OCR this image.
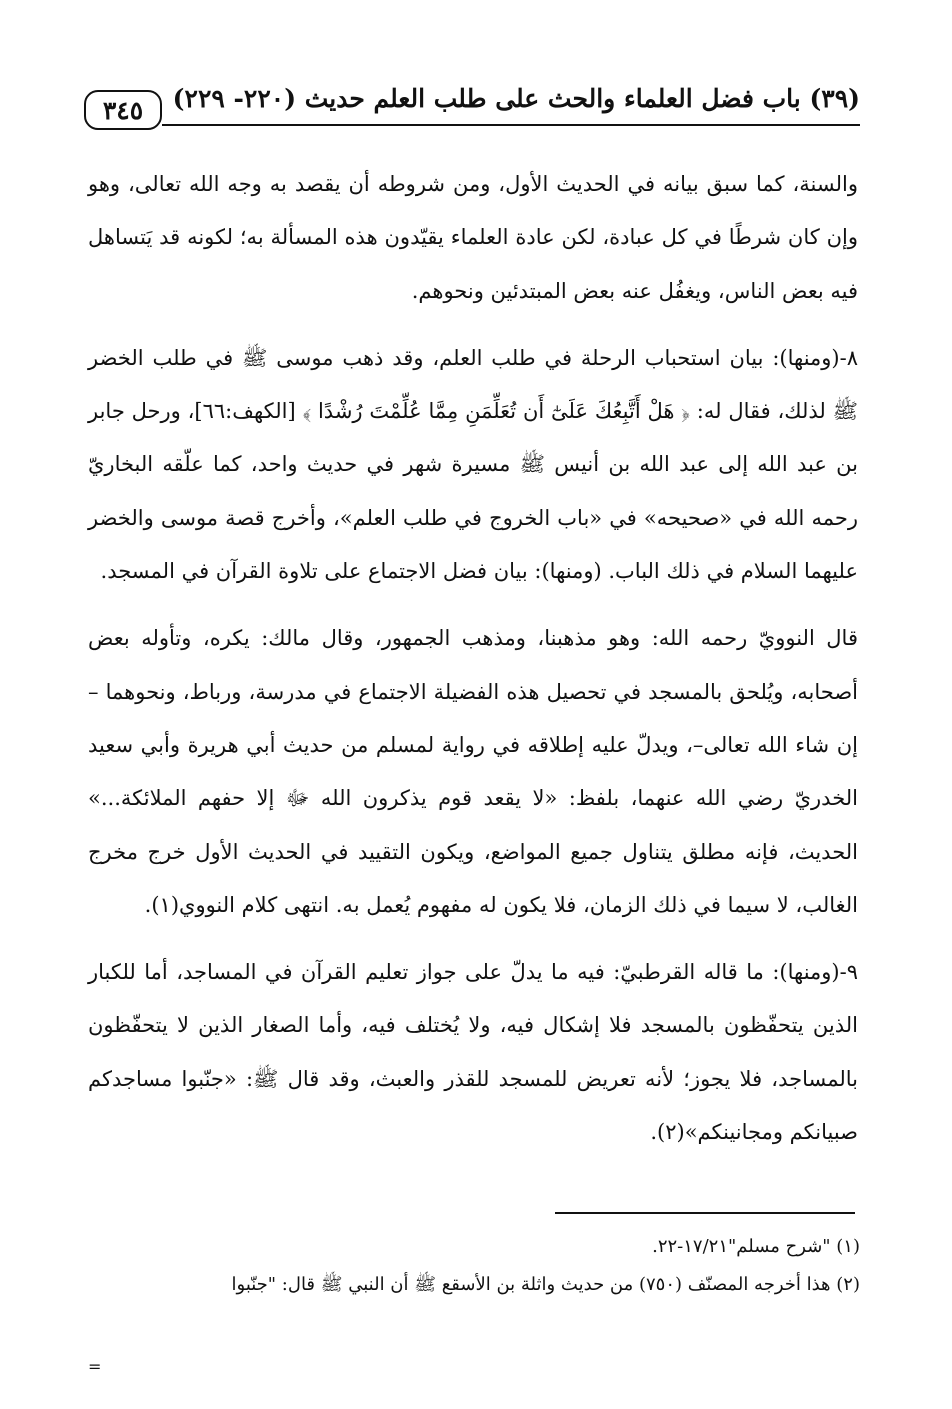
٣٤٥	(٣٩) باب فضل العلماء والحث على طلب العلم حديث (٢٢٠- ٢٢٩)

والسنة، كما سبق بيانه في الحديث الأول، ومن شروطه أن يقصد به وجه الله تعالى، وهو وإن كان شرطًا في كل عبادة، لكن عادة العلماء يقيّدون هذه المسألة به؛ لكونه قد يَتساهل فيه بعض الناس، ويغفُل عنه بعض المبتدئين ونحوهم.

٨-(ومنها): بيان استحباب الرحلة في طلب العلم، وقد ذهب موسى ﷺ في طلب الخضر ﷺ لذلك، فقال له: ﴿ هَلْ أَتَّبِعُكَ عَلَىٰٓ أَن تُعَلِّمَنِ مِمَّا عُلِّمْتَ رُشْدًا ﴾ [الكهف:٦٦]، ورحل جابر بن عبد الله إلى عبد الله بن أنيس ﷺ مسيرة شهر في حديث واحد، كما علّقه البخاريّ رحمه الله في «صحيحه» في «باب الخروج في طلب العلم»، وأخرج قصة موسى والخضر عليهما السلام في ذلك الباب. (ومنها): بيان فضل الاجتماع على تلاوة القرآن في المسجد.

قال النوويّ رحمه الله: وهو مذهبنا، ومذهب الجمهور، وقال مالك: يكره، وتأوله بعض أصحابه، ويُلحق بالمسجد في تحصيل هذه الفضيلة الاجتماع في مدرسة، ورباط، ونحوهما –إن شاء الله تعالى–، ويدلّ عليه إطلاقه في رواية لمسلم من حديث أبي هريرة وأبي سعيد الخدريّ رضي الله عنهما، بلفظ: «لا يقعد قوم يذكرون الله ﷻ إلا حفهم الملائكة...» الحديث، فإنه مطلق يتناول جميع المواضع، ويكون التقييد في الحديث الأول خرج مخرج الغالب، لا سيما في ذلك الزمان، فلا يكون له مفهوم يُعمل به. انتهى كلام النووي(١).

٩-(ومنها): ما قاله القرطبيّ: فيه ما يدلّ على جواز تعليم القرآن في المساجد، أما للكبار الذين يتحفّظون بالمسجد فلا إشكال فيه، ولا يُختلف فيه، وأما الصغار الذين لا يتحفّظون بالمساجد، فلا يجوز؛ لأنه تعريض للمسجد للقذر والعبث، وقد قال ﷺ: «جنّبوا مساجدكم صبيانكم ومجانينكم»(٢).

(١) "شرح مسلم"١٧/٢١-٢٢.

(٢) هذا أخرجه المصنّف (٧٥٠) من حديث واثلة بن الأسقع ﷺ أن النبي ﷺ قال: "جنّبوا

=
